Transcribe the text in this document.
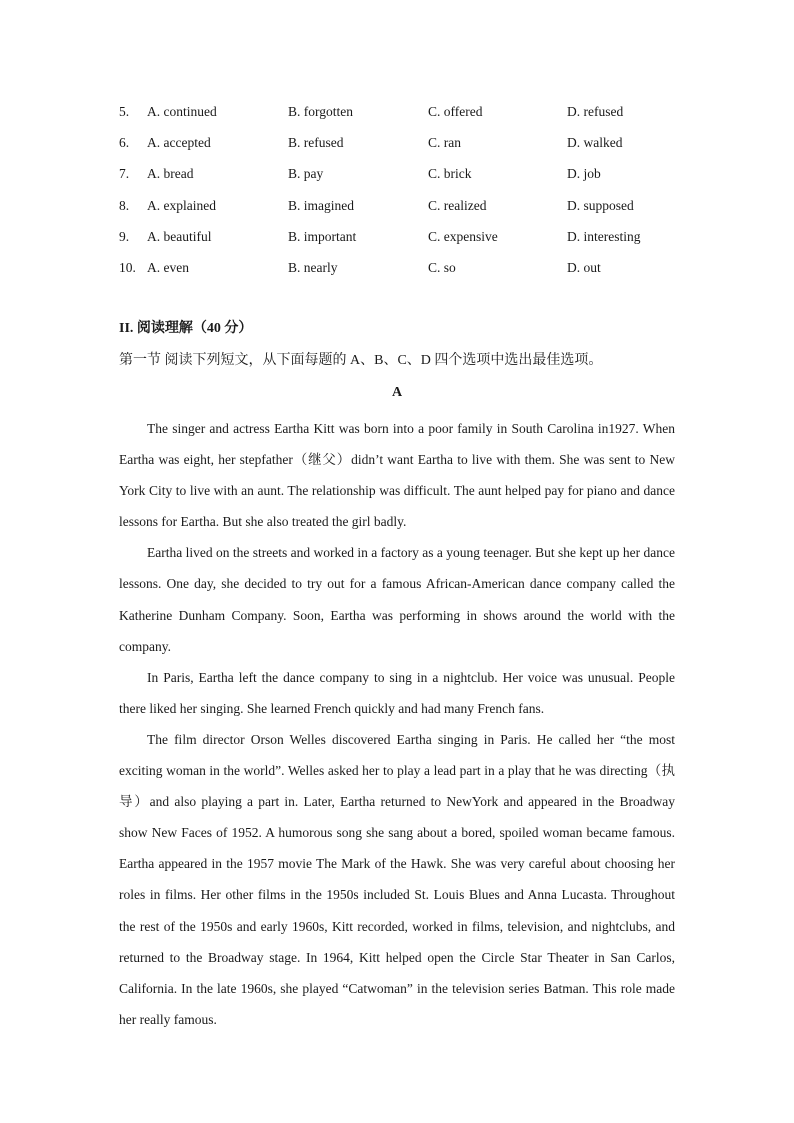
5. A. continued	B. forgotten	C. offered	D. refused
6. A. accepted	B. refused	C. ran	D. walked
7. A. bread	B. pay	C. brick	D. job
8. A. explained	B. imagined	C. realized	D. supposed
9. A. beautiful	B. important	C. expensive	D. interesting
10. A. even	B. nearly	C. so	D. out
II. 阅读理解（40 分）
第一节 阅读下列短文，从下面每题的 A、B、C、D 四个选项中选出最佳选项。
A

The singer and actress Eartha Kitt was born into a poor family in South Carolina in1927. When Eartha was eight, her stepfather（继父）didn’t want Eartha to live with them. She was sent to New York City to live with an aunt. The relationship was difficult. The aunt helped pay for piano and dance lessons for Eartha. But she also treated the girl badly.

Eartha lived on the streets and worked in a factory as a young teenager. But she kept up her dance lessons. One day, she decided to try out for a famous African-American dance company called the Katherine Dunham Company. Soon, Eartha was performing in shows around the world with the company.

In Paris, Eartha left the dance company to sing in a nightclub. Her voice was unusual. People there liked her singing. She learned French quickly and had many French fans.

The film director Orson Welles discovered Eartha singing in Paris. He called her “the most exciting woman in the world”. Welles asked her to play a lead part in a play that he was directing（执导）and also playing a part in. Later, Eartha returned to NewYork and appeared in the Broadway show New Faces of 1952. A humorous song she sang about a bored, spoiled woman became famous. Eartha appeared in the 1957 movie The Mark of the Hawk. She was very careful about choosing her roles in films. Her other films in the 1950s included St. Louis Blues and Anna Lucasta. Throughout the rest of the 1950s and early 1960s, Kitt recorded, worked in films, television, and nightclubs, and returned to the Broadway stage. In 1964, Kitt helped open the Circle Star Theater in San Carlos, California. In the late 1960s, she played “Catwoman” in the television series Batman. This role made her really famous.
